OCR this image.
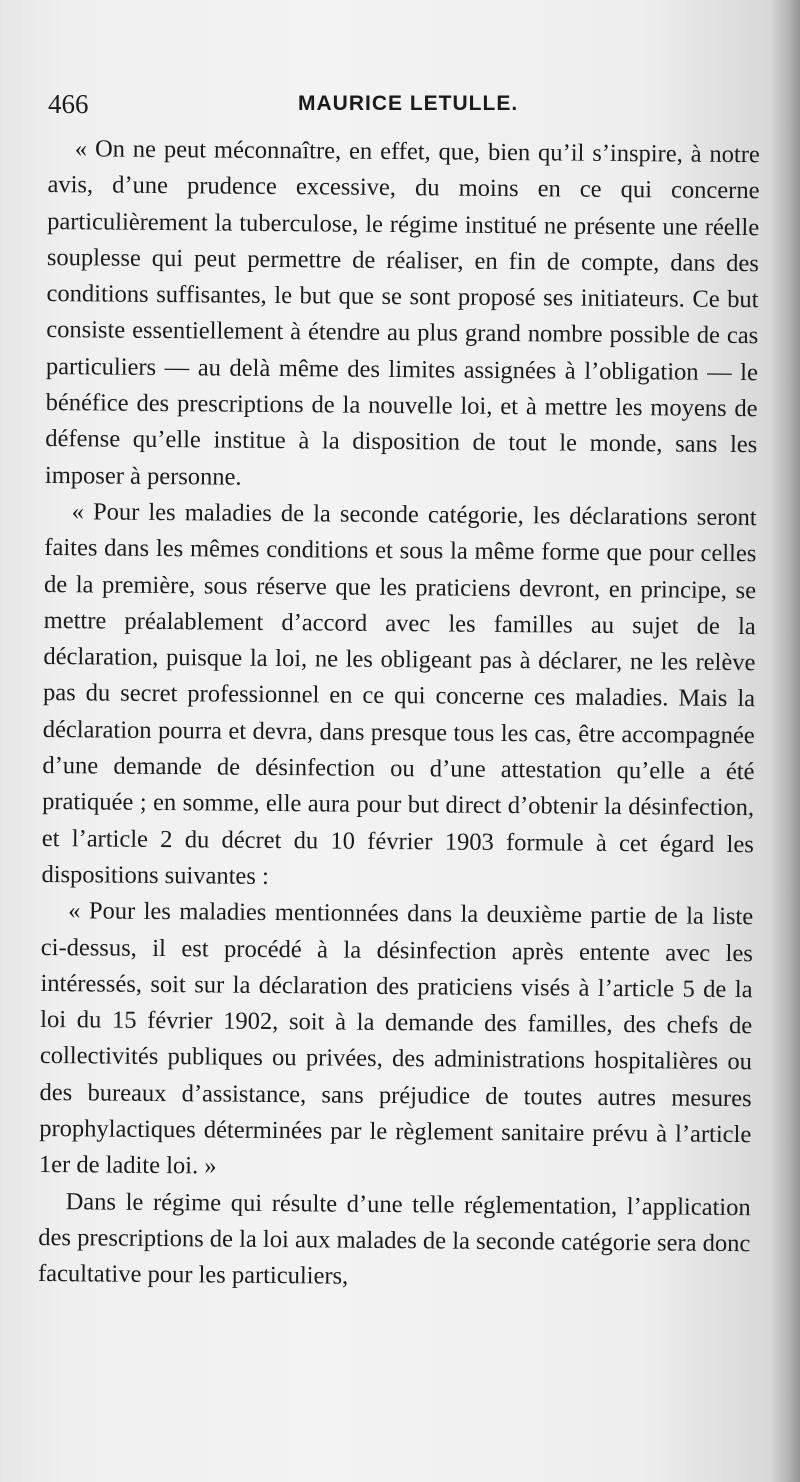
466	MAURICE LETULLE.

« On ne peut méconnaître, en effet, que, bien qu’il s’inspire, à notre avis, d’une prudence excessive, du moins en ce qui concerne particulièrement la tuberculose, le régime institué ne présente une réelle souplesse qui peut permettre de réaliser, en fin de compte, dans des conditions suffisantes, le but que se sont proposé ses initiateurs. Ce but consiste essentiellement à étendre au plus grand nombre possible de cas particuliers — au delà même des limites assignées à l’obligation — le bénéfice des prescriptions de la nouvelle loi, et à mettre les moyens de défense qu’elle institue à la disposition de tout le monde, sans les imposer à personne.

« Pour les maladies de la seconde catégorie, les déclarations seront faites dans les mêmes conditions et sous la même forme que pour celles de la première, sous réserve que les praticiens devront, en principe, se mettre préalablement d’accord avec les familles au sujet de la déclaration, puisque la loi, ne les obligeant pas à déclarer, ne les relève pas du secret professionnel en ce qui concerne ces maladies. Mais la déclaration pourra et devra, dans presque tous les cas, être accompagnée d’une demande de désinfection ou d’une attestation qu’elle a été pratiquée ; en somme, elle aura pour but direct d’obtenir la désinfection, et l’article 2 du décret du 10 février 1903 formule à cet égard les dispositions suivantes :

« Pour les maladies mentionnées dans la deuxième partie de la liste ci-dessus, il est procédé à la désinfection après entente avec les intéressés, soit sur la déclaration des praticiens visés à l’article 5 de la loi du 15 février 1902, soit à la demande des familles, des chefs de collectivités publiques ou privées, des administrations hospitalières ou des bureaux d’assistance, sans préjudice de toutes autres mesures prophylactiques déterminées par le règlement sanitaire prévu à l’article 1er de ladite loi. »

Dans le régime qui résulte d’une telle réglementation, l’application des prescriptions de la loi aux malades de la seconde catégorie sera donc facultative pour les particuliers,
